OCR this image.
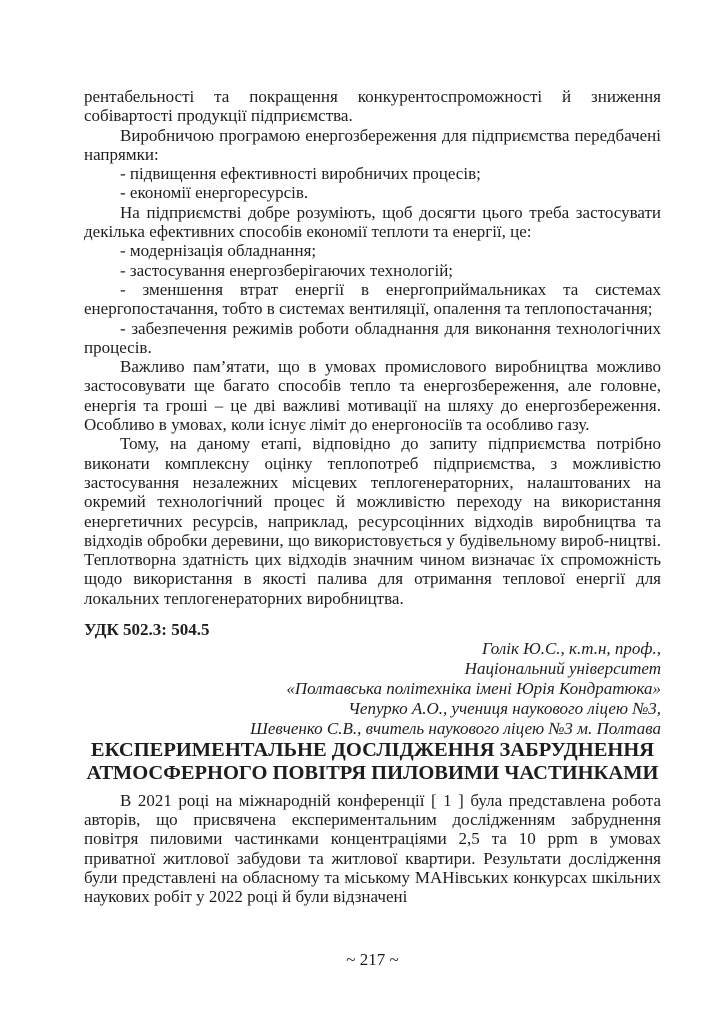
рентабельності та покращення конкурентоспроможності й зниження собівартості продукції підприємства.

Виробничою програмою енергозбереження для підприємства передбачені напрямки:

- підвищення ефективності виробничих процесів;

- економії енергоресурсів.

На підприємстві добре розуміють, щоб досягти цього треба застосувати декілька ефективних способів економії теплоти та енергії, це:

- модернізація обладнання;

- застосування енергозберігаючих технологій;

- зменшення втрат енергії в енергоприймальниках та системах енергопостачання, тобто в системах вентиляції, опалення та теплопостачання;

- забезпечення режимів роботи обладнання для виконання технологічних процесів.

Важливо пам’ятати, що в умовах промислового виробництва можливо застосовувати ще багато способів тепло та енергозбереження, але головне, енергія та гроші – це дві важливі мотивації на шляху до енергозбереження. Особливо в умовах, коли існує ліміт до енергоносіїв та особливо газу.

Тому, на даному етапі, відповідно до запиту підприємства потрібно виконати комплексну оцінку теплопотреб підприємства, з можливістю застосування незалежних місцевих теплогенераторних, налаштованих на окремий технологічний процес й можливістю переходу на використання енергетичних ресурсів, наприклад, ресурсоцінних відходів виробництва та відходів обробки деревини, що використовується у будівельному вироб-ництві. Теплотворна здатність цих відходів значним чином визначає їх спроможність щодо використання в якості палива для отримання теплової енергії для локальних теплогенераторних виробництва.

УДК 502.3: 504.5

Голік Ю.С., к.т.н, проф.,

Національний університет

«Полтавська політехніка імені Юрія Кондратюка»

Чепурко А.О., учениця наукового ліцею №3,

Шевченко С.В., вчитель наукового ліцею №3 м. Полтава

ЕКСПЕРИМЕНТАЛЬНЕ ДОСЛІДЖЕННЯ ЗАБРУДНЕННЯ АТМОСФЕРНОГО ПОВІТРЯ ПИЛОВИМИ ЧАСТИНКАМИ

В 2021 році на міжнародній конференції [ 1 ] була представлена робота авторів, що присвячена експериментальним дослідженням забруднення повітря пиловими частинками концентраціями 2,5 та 10 ppm в умовах приватної житлової забудови та житлової квартири. Результати дослідження були представлені на обласному та міському МАНівських конкурсах шкільних наукових робіт у 2022 році й були відзначені

~ 217 ~
